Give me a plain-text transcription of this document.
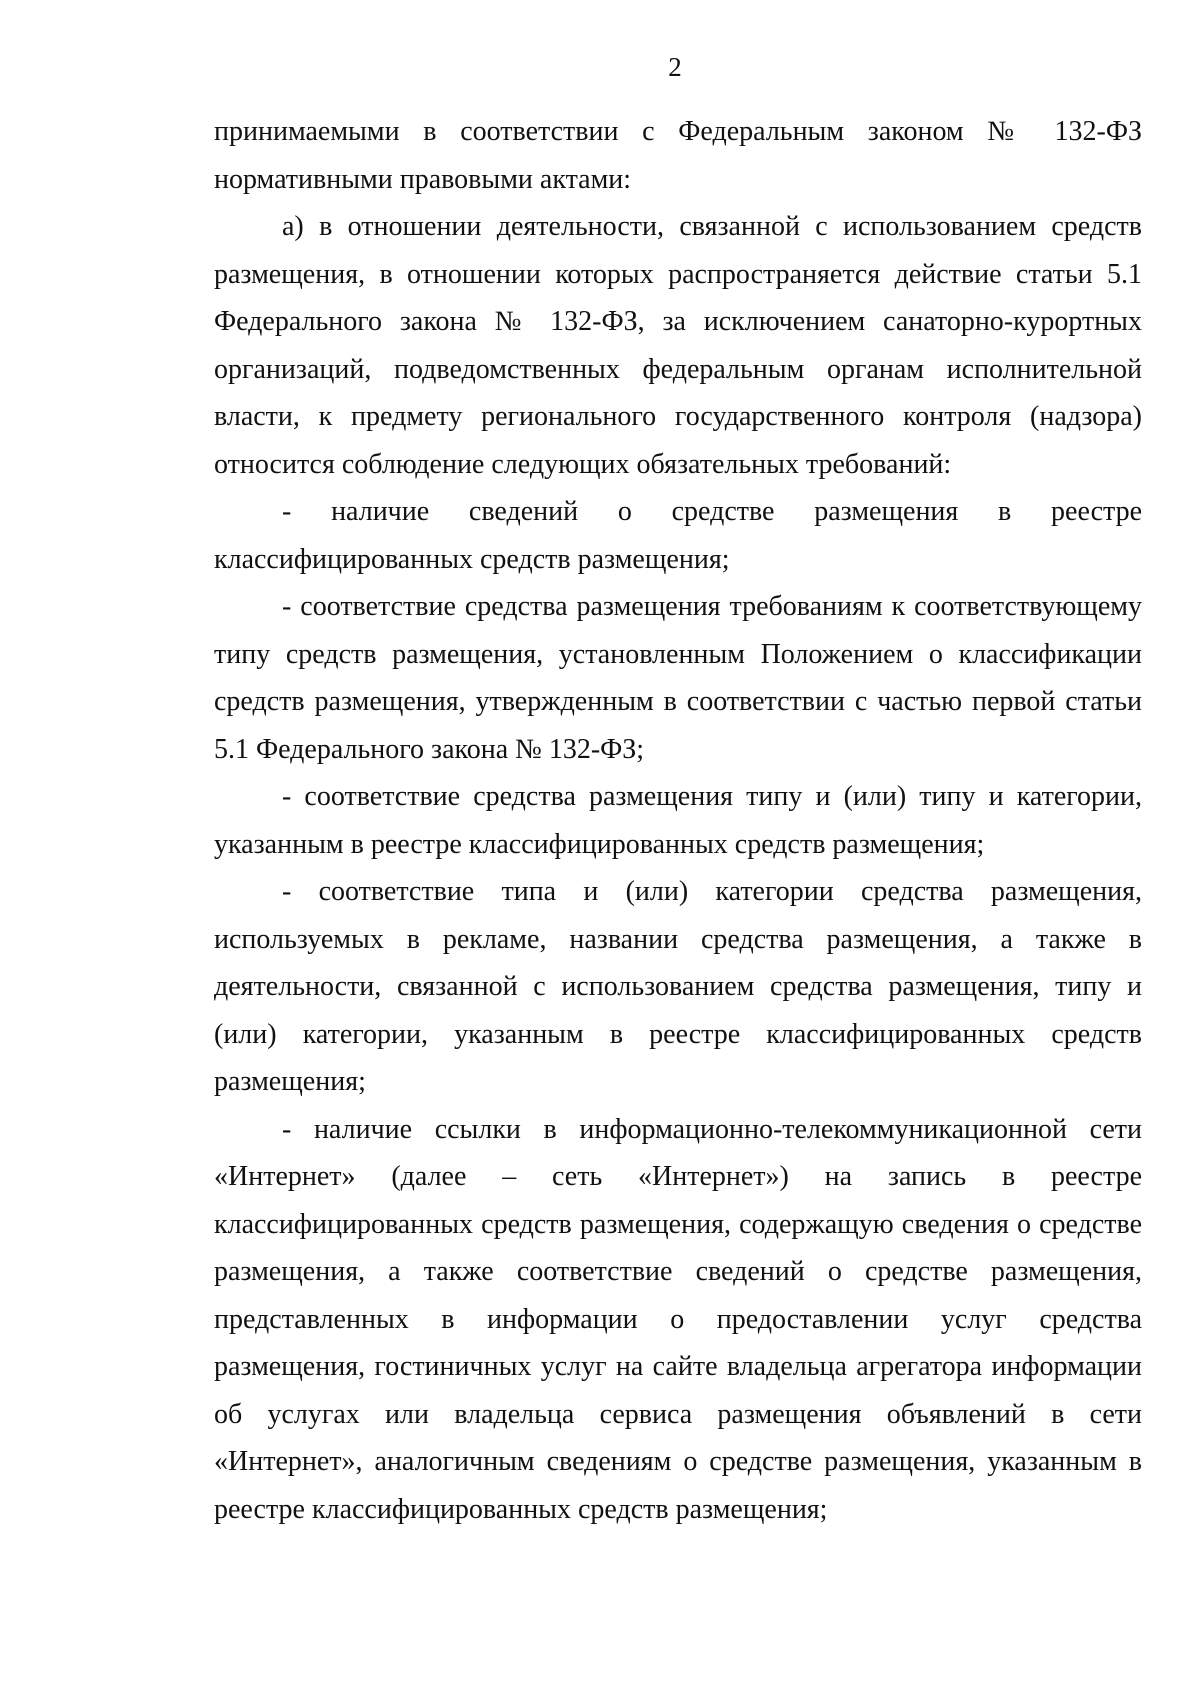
2

принимаемыми в соответствии с Федеральным законом № 132-ФЗ нормативными правовыми актами:

а) в отношении деятельности, связанной с использованием средств размещения, в отношении которых распространяется действие статьи 5.1 Федерального закона № 132-ФЗ, за исключением санаторно-курортных организаций, подведомственных федеральным органам исполнительной власти, к предмету регионального государственного контроля (надзора) относится соблюдение следующих обязательных требований:

- наличие сведений о средстве размещения в реестре классифицированных средств размещения;

- соответствие средства размещения требованиям к соответствующему типу средств размещения, установленным Положением о классификации средств размещения, утвержденным в соответствии с частью первой статьи 5.1 Федерального закона № 132-ФЗ;

- соответствие средства размещения типу и (или) типу и категории, указанным в реестре классифицированных средств размещения;

- соответствие типа и (или) категории средства размещения, используемых в рекламе, названии средства размещения, а также в деятельности, связанной с использованием средства размещения, типу и (или) категории, указанным в реестре классифицированных средств размещения;

- наличие ссылки в информационно-телекоммуникационной сети «Интернет» (далее – сеть «Интернет») на запись в реестре классифицированных средств размещения, содержащую сведения о средстве размещения, а также соответствие сведений о средстве размещения, представленных в информации о предоставлении услуг средства размещения, гостиничных услуг на сайте владельца агрегатора информации об услугах или владельца сервиса размещения объявлений в сети «Интернет», аналогичным сведениям о средстве размещения, указанным в реестре классифицированных средств размещения;
